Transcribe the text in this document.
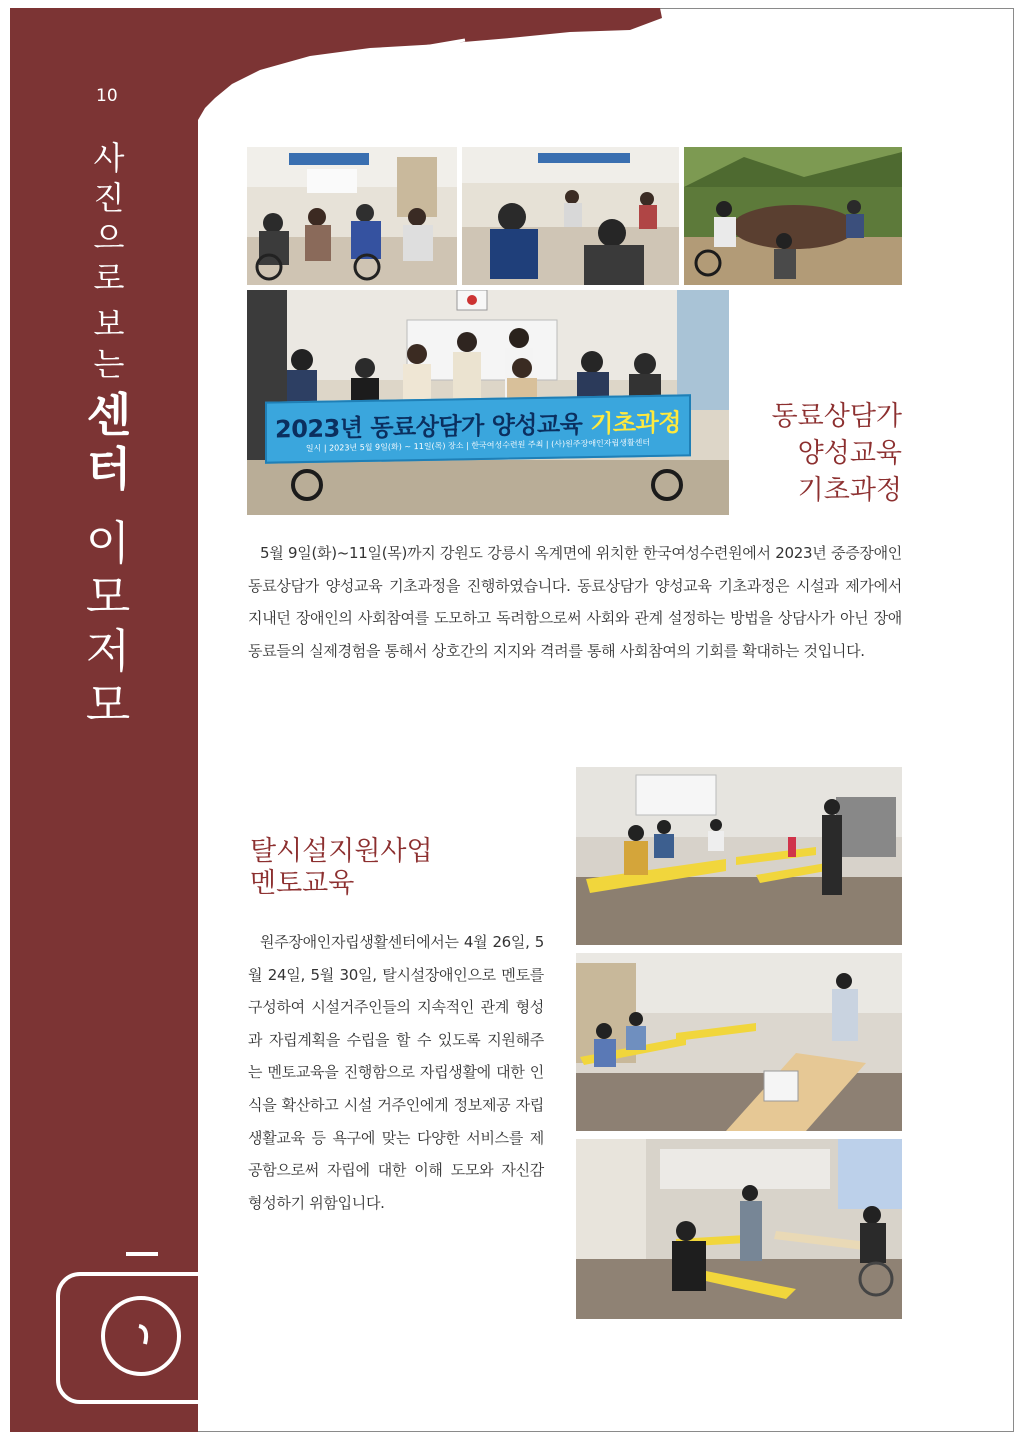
10
사
진
으
로
보
는
센
터
이
모
저
모
2023년 동료상담가 양성교육 기초과정
일시 | 2023년 5월 9일(화) ~ 11일(목) 장소 | 한국여성수련원 주최 | (사)원주장애인자립생활센터
동료상담가
양성교육
기초과정

5월 9일(화)~11일(목)까지 강원도 강릉시 옥계면에 위치한 한국여성수련원에서 2023년 중증장애인 동료상담가 양성교육 기초과정을 진행하였습니다. 동료상담가 양성교육 기초과정은 시설과 제가에서 지내던 장애인의 사회참여를 도모하고 독려함으로써 사회와 관계 설정하는 방법을 상담사가 아닌 장애동료들의 실제경험을 통해서 상호간의 지지와 격려를 통해 사회참여의 기회를 확대하는 것입니다.

탈시설지원사업
멘토교육

원주장애인자립생활센터에서는 4월 26일, 5월 24일, 5월 30일, 탈시설장애인으로 멘토를 구성하여 시설거주인들의 지속적인 관계 형성과 자립계획을 수립을 할 수 있도록 지원해주는 멘토교육을 진행함으로 자립생활에 대한 인식을 확산하고 시설 거주인에게 정보제공 자립생활교육 등 욕구에 맞는 다양한 서비스를 제공함으로써 자립에 대한 이해 도모와 자신감 형성하기 위함입니다.
